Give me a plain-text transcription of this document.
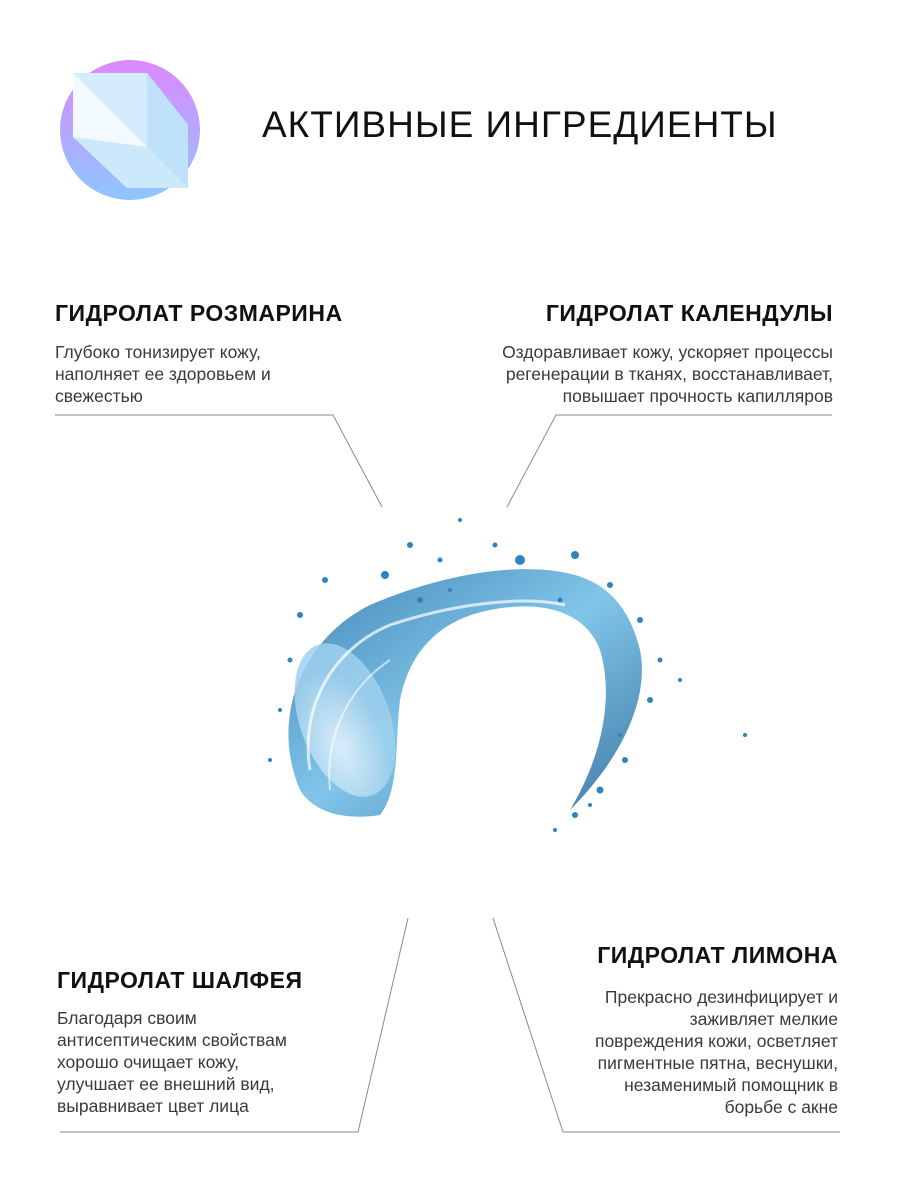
АКТИВНЫЕ ИНГРЕДИЕНТЫ
ГИДРОЛАТ РОЗМАРИНА
Глубоко тонизирует кожу,
наполняет ее здоровьем и
свежестью
ГИДРОЛАТ КАЛЕНДУЛЫ
Оздоравливает кожу, ускоряет процессы
регенерации в тканях, восстанавливает,
повышает прочность капилляров
ГИДРОЛАТ ШАЛФЕЯ
Благодаря своим
антисептическим свойствам
хорошо очищает кожу,
улучшает ее внешний вид,
выравнивает цвет лица
ГИДРОЛАТ ЛИМОНА
Прекрасно дезинфицирует и
заживляет мелкие
повреждения кожи, осветляет
пигментные пятна, веснушки,
незаменимый помощник в
борьбе с акне
